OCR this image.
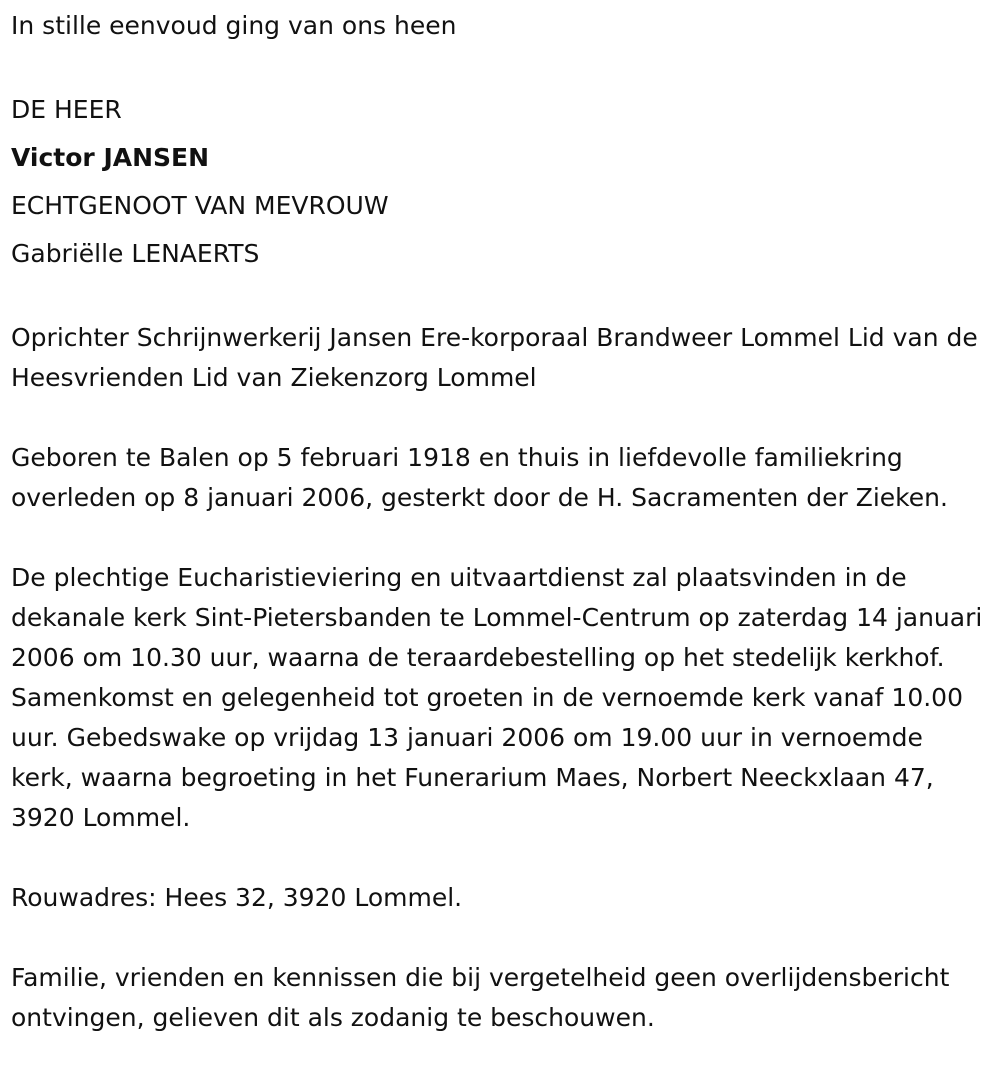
In stille eenvoud ging van ons heen

DE HEER

Victor JANSEN

ECHTGENOOT VAN MEVROUW

Gabriëlle LENAERTS

Oprichter Schrijnwerkerij Jansen Ere-korporaal Brandweer Lommel Lid van de Heesvrienden Lid van Ziekenzorg Lommel

Geboren te Balen op 5 februari 1918 en thuis in liefdevolle familiekring overleden op 8 januari 2006, gesterkt door de H. Sacramenten der Zieken.

De plechtige Eucharistieviering en uitvaartdienst zal plaatsvinden in de dekanale kerk Sint-Pietersbanden te Lommel-Centrum op zaterdag 14 januari 2006 om 10.30 uur, waarna de teraardebestelling op het stedelijk kerkhof. Samenkomst en gelegenheid tot groeten in de vernoemde kerk vanaf 10.00 uur. Gebedswake op vrijdag 13 januari 2006 om 19.00 uur in vernoemde kerk, waarna begroeting in het Funerarium Maes, Norbert Neeckxlaan 47, 3920 Lommel.

Rouwadres: Hees 32, 3920 Lommel.

Familie, vrienden en kennissen die bij vergetelheid geen overlijdensbericht ontvingen, gelieven dit als zodanig te beschouwen.
